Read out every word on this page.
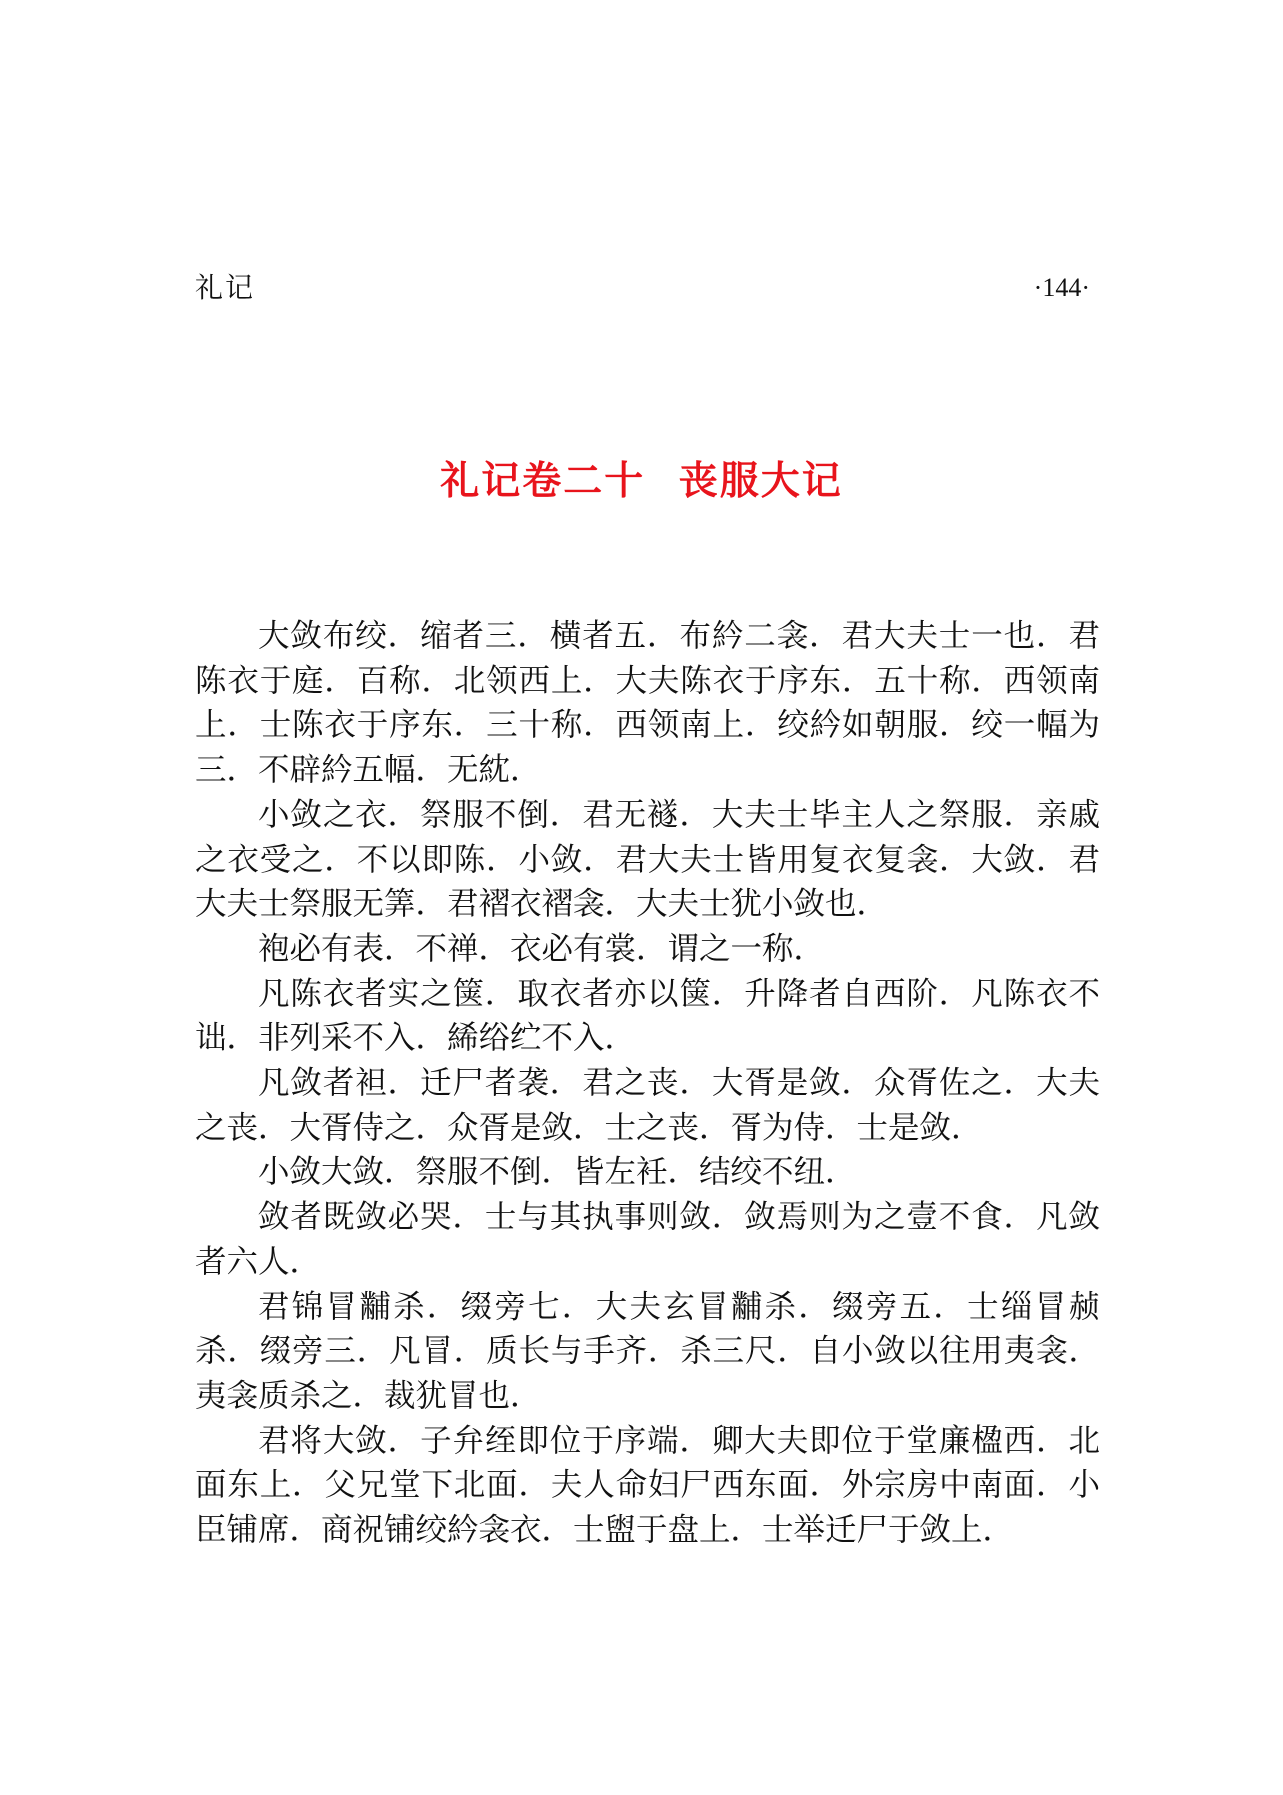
礼记	·144·
礼记卷二十 丧服大记

大敛布绞．缩者三．横者五．布紟二衾．君大夫士一也．君陈衣于庭．百称．北领西上．大夫陈衣于序东．五十称．西领南上．士陈衣于序东．三十称．西领南上．绞紟如朝服．绞一幅为三．不辟紟五幅．无紞．

小敛之衣．祭服不倒．君无襚．大夫士毕主人之祭服．亲戚之衣受之．不以即陈．小敛．君大夫士皆用复衣复衾．大敛．君大夫士祭服无筭．君褶衣褶衾．大夫士犹小敛也．

袍必有表．不禅．衣必有裳．谓之一称．

凡陈衣者实之箧．取衣者亦以箧．升降者自西阶．凡陈衣不诎．非列采不入．絺绤纻不入．

凡敛者袒．迁尸者袭．君之丧．大胥是敛．众胥佐之．大夫之丧．大胥侍之．众胥是敛．士之丧．胥为侍．士是敛．

小敛大敛．祭服不倒．皆左衽．结绞不纽．

敛者既敛必哭．士与其执事则敛．敛焉则为之壹不食．凡敛者六人．

君锦冒黼杀．缀旁七．大夫玄冒黼杀．缀旁五．士缁冒赪杀．缀旁三．凡冒．质长与手齐．杀三尺．自小敛以往用夷衾．夷衾质杀之．裁犹冒也．

君将大敛．子弁绖即位于序端．卿大夫即位于堂廉楹西．北面东上．父兄堂下北面．夫人命妇尸西东面．外宗房中南面．小臣铺席．商祝铺绞紟衾衣．士盥于盘上．士举迁尸于敛上．
